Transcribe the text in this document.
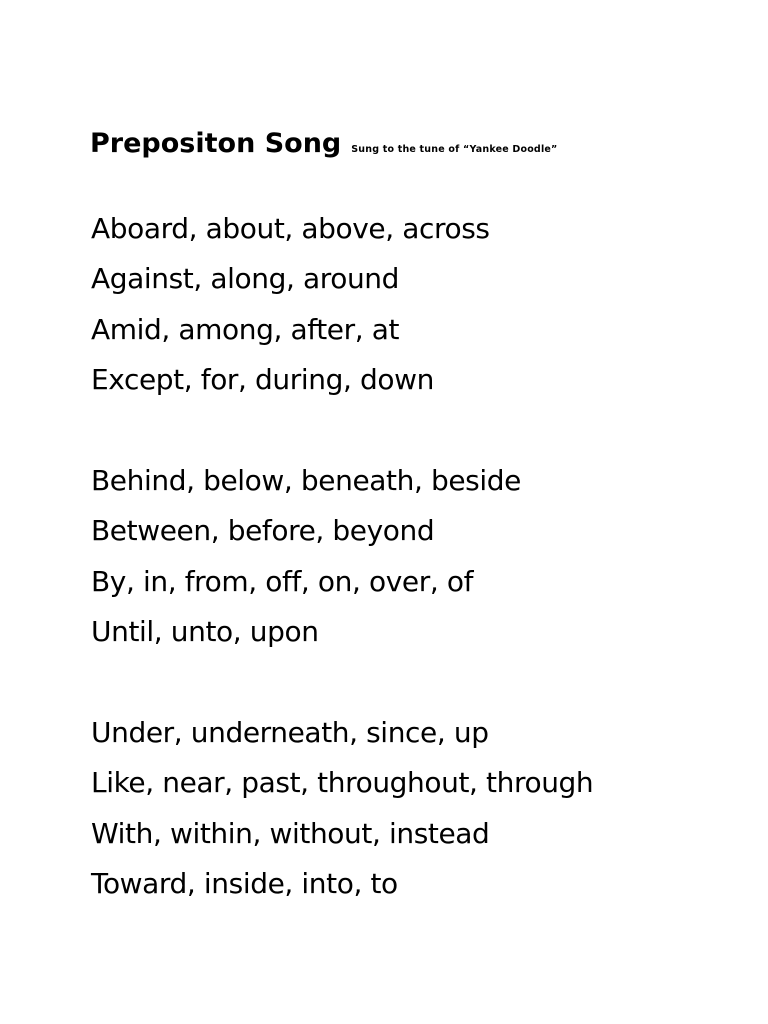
Prepositon Song Sung to the tune of “Yankee Doodle”
Aboard, about, above, across
Against, along, around
Amid, among, after, at
Except, for, during, down
Behind, below, beneath, beside
Between, before, beyond
By, in, from, off, on, over, of
Until, unto, upon
Under, underneath, since, up
Like, near, past, throughout, through
With, within, without, instead
Toward, inside, into, to
